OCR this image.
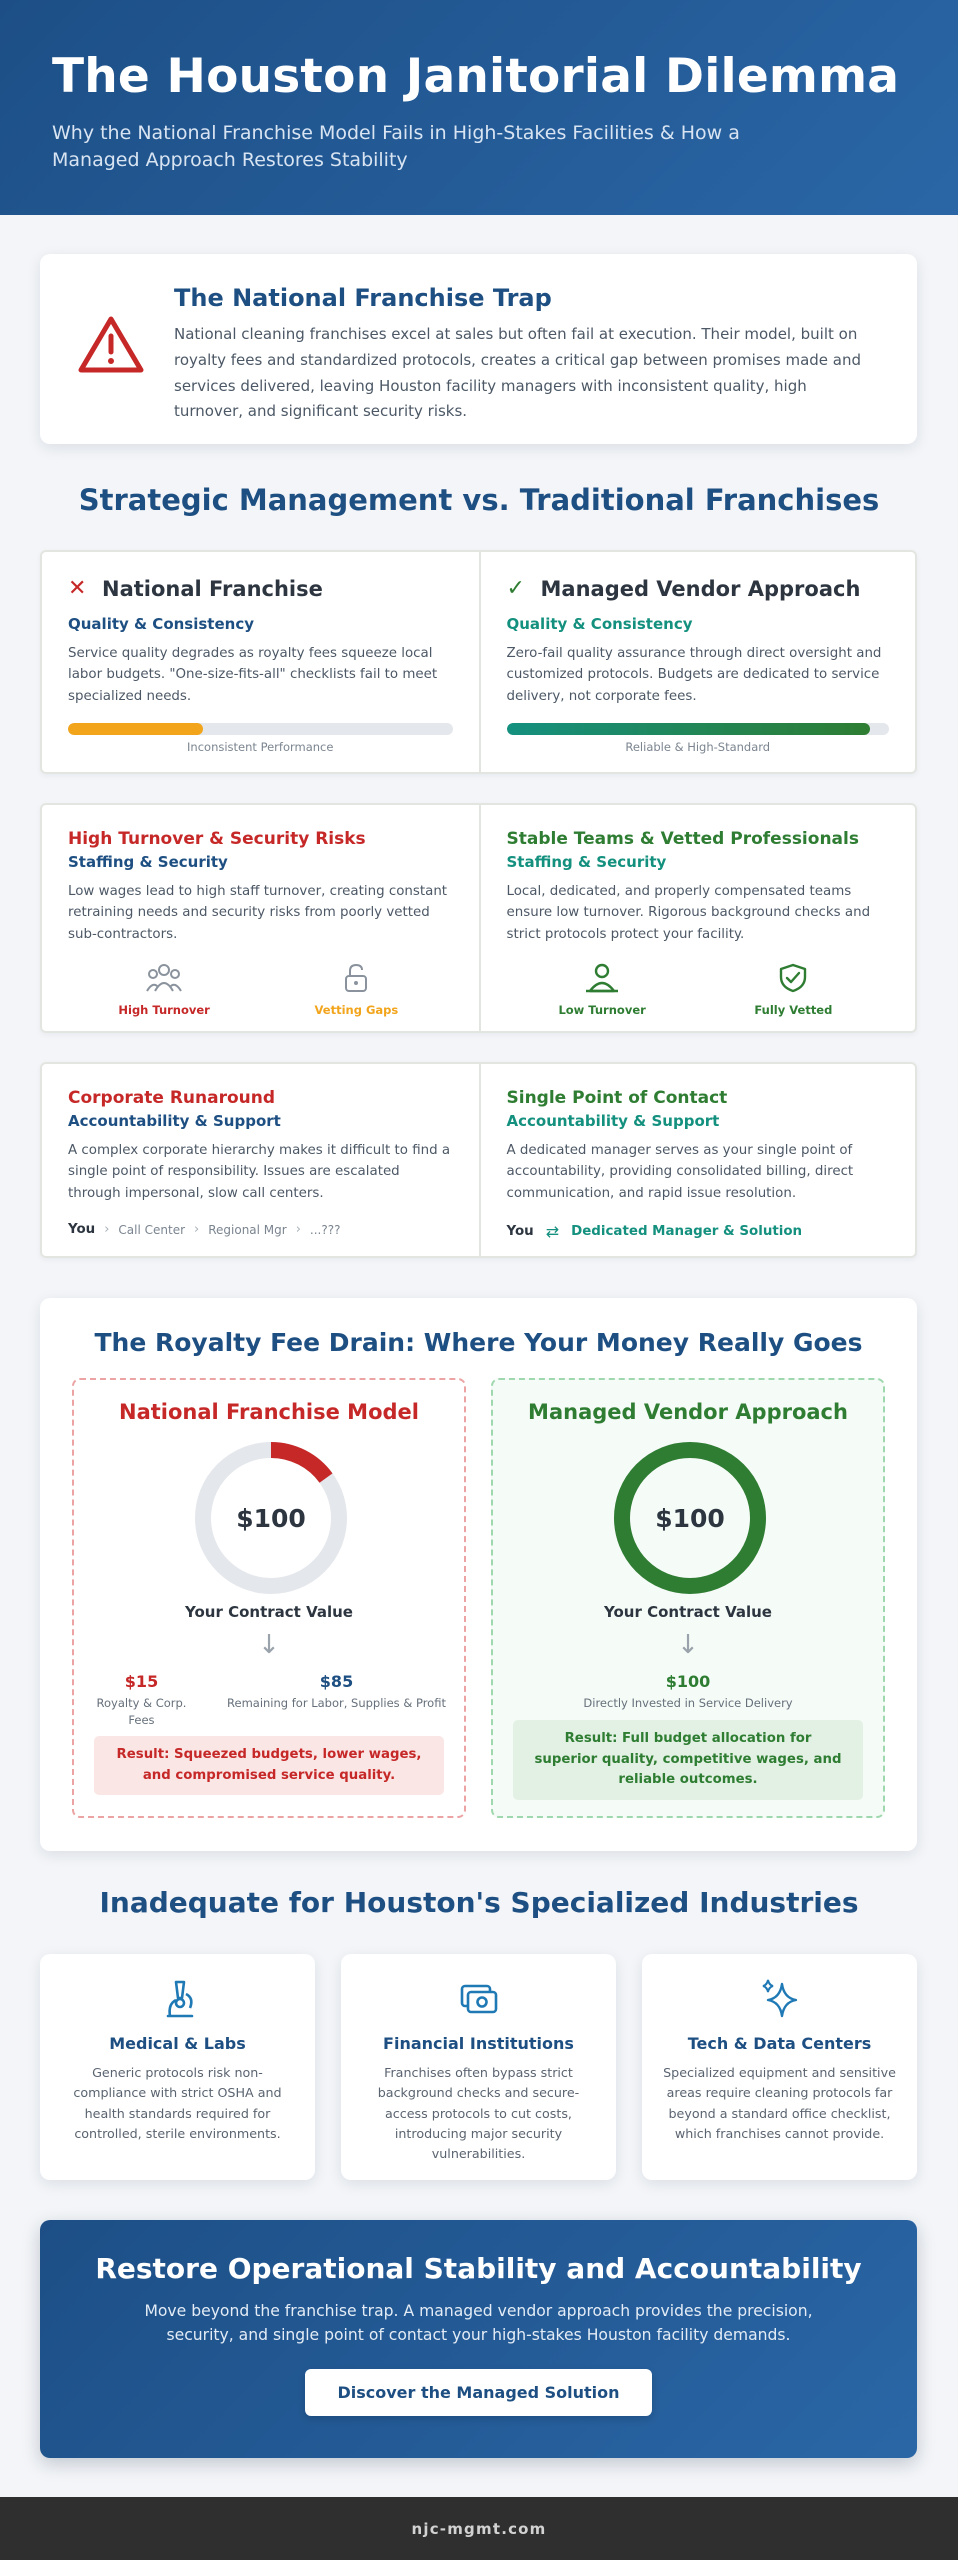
The Houston Janitorial Dilemma

Why the National Franchise Model Fails in High-Stakes Facilities & How a Managed Approach Restores Stability

The National Franchise Trap

National cleaning franchises excel at sales but often fail at execution. Their model, built on royalty fees and standardized protocols, creates a critical gap between promises made and services delivered, leaving Houston facility managers with inconsistent quality, high turnover, and significant security risks.

Strategic Management vs. Traditional Franchises
✕ National Franchise
Quality & Consistency
Service quality degrades as royalty fees squeeze local labor budgets. "One-size-fits-all" checklists fail to meet specialized needs.
Inconsistent Performance
✓ Managed Vendor Approach
Quality & Consistency
Zero-fail quality assurance through direct oversight and customized protocols. Budgets are dedicated to service delivery, not corporate fees.
Reliable & High-Standard
High Turnover & Security Risks
Staffing & Security
Low wages lead to high staff turnover, creating constant retraining needs and security risks from poorly vetted sub-contractors.
High Turnover	Vetting Gaps
Stable Teams & Vetted Professionals
Staffing & Security
Local, dedicated, and properly compensated teams ensure low turnover. Rigorous background checks and strict protocols protect your facility.
Low Turnover	Fully Vetted
Corporate Runaround
Accountability & Support
A complex corporate hierarchy makes it difficult to find a single point of responsibility. Issues are escalated through impersonal, slow call centers.
You › Call Center › Regional Mgr › ...???
Single Point of Contact
Accountability & Support
A dedicated manager serves as your single point of accountability, providing consolidated billing, direct communication, and rapid issue resolution.
You ⇄ Dedicated Manager & Solution
The Royalty Fee Drain: Where Your Money Really Goes
National Franchise Model
$100
Your Contract Value
↓
$15
Royalty & Corp. Fees
$85
Remaining for Labor, Supplies & Profit
Result: Squeezed budgets, lower wages, and compromised service quality.
Managed Vendor Approach
$100
Your Contract Value
↓
$100
Directly Invested in Service Delivery
Result: Full budget allocation for superior quality, competitive wages, and reliable outcomes.
Inadequate for Houston's Specialized Industries
Medical & Labs

Generic protocols risk non-compliance with strict OSHA and health standards required for controlled, sterile environments.

Financial Institutions

Franchises often bypass strict background checks and secure-access protocols to cut costs, introducing major security vulnerabilities.

Tech & Data Centers

Specialized equipment and sensitive areas require cleaning protocols far beyond a standard office checklist, which franchises cannot provide.

Restore Operational Stability and Accountability

Move beyond the franchise trap. A managed vendor approach provides the precision, security, and single point of contact your high-stakes Houston facility demands.

Discover the Managed Solution
njc-mgmt.com
